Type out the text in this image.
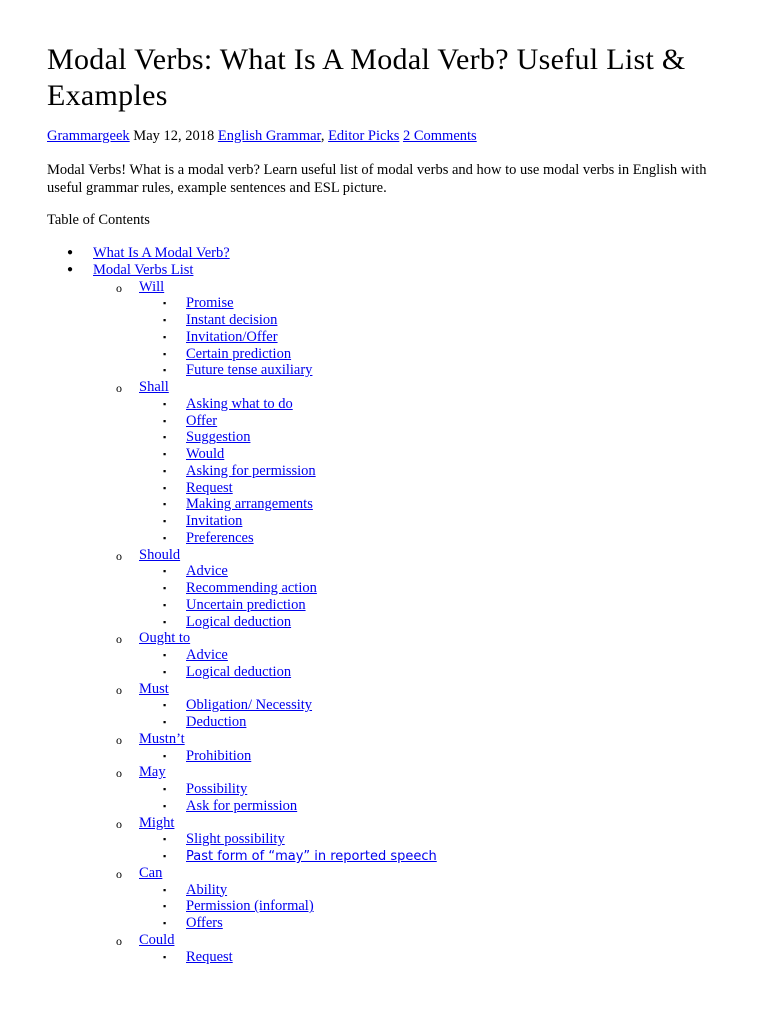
Modal Verbs: What Is A Modal Verb? Useful List & Examples
Grammargeek May 12, 2018 English Grammar, Editor Picks 2 Comments

Modal Verbs! What is a modal verb? Learn useful list of modal verbs and how to use modal verbs in English with useful grammar rules, example sentences and ESL picture.

Table of Contents

● What Is A Modal Verb?
● Modal Verbs List
o Will
▪ Promise
▪ Instant decision
▪ Invitation/Offer
▪ Certain prediction
▪ Future tense auxiliary
o Shall
▪ Asking what to do
▪ Offer
▪ Suggestion
▪ Would
▪ Asking for permission
▪ Request
▪ Making arrangements
▪ Invitation
▪ Preferences
o Should
▪ Advice
▪ Recommending action
▪ Uncertain prediction
▪ Logical deduction
o Ought to
▪ Advice
▪ Logical deduction
o Must
▪ Obligation/ Necessity
▪ Deduction
o Mustn’t
▪ Prohibition
o May
▪ Possibility
▪ Ask for permission
o Might
▪ Slight possibility
▪ Past form of “may” in reported speech
o Can
▪ Ability
▪ Permission (informal)
▪ Offers
o Could
▪ Request
